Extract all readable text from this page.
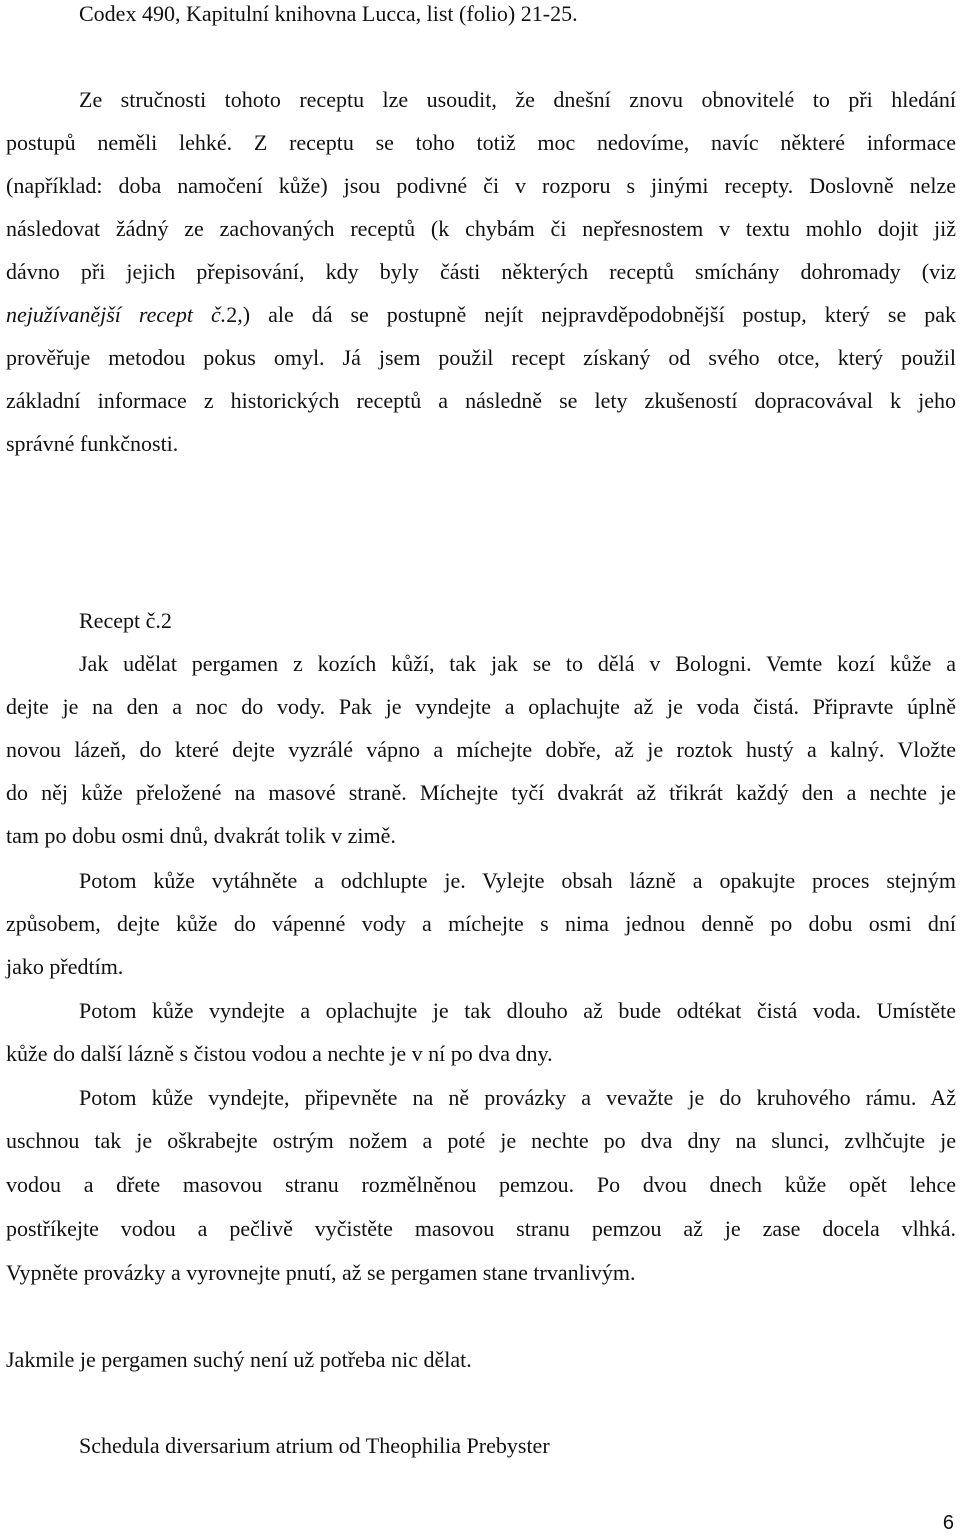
Codex 490, Kapitulní knihovna Lucca, list (folio) 21-25.
Ze stručnosti tohoto receptu lze usoudit, že dnešní znovu obnovitelé to při hledání
postupů neměli lehké. Z receptu se toho totiž moc nedovíme, navíc některé informace
(například: doba namočení kůže) jsou podivné či v rozporu s jinými recepty. Doslovně nelze
následovat žádný ze zachovaných receptů (k chybám či nepřesnostem v textu mohlo dojit již
dávno při jejich přepisování, kdy byly části některých receptů smíchány dohromady (viz
nejužívanější recept č.2,) ale dá se postupně nejít nejpravděpodobnější postup, který se pak
prověřuje metodou pokus omyl. Já jsem použil recept získaný od svého otce, který použil
základní informace z historických receptů a následně se lety zkušeností dopracovával k jeho
správné funkčnosti.
Recept č.2
Jak udělat pergamen z kozích kůží, tak jak se to dělá v Bologni. Vemte kozí kůže a
dejte je na den a noc do vody. Pak je vyndejte a oplachujte až je voda čistá. Připravte úplně
novou lázeň, do které dejte vyzrálé vápno a míchejte dobře, až je roztok hustý a kalný. Vložte
do něj kůže přeložené na masové straně. Míchejte tyčí dvakrát až třikrát každý den a nechte je
tam po dobu osmi dnů, dvakrát tolik v zimě.
Potom kůže vytáhněte a odchlupte je. Vylejte obsah lázně a opakujte proces stejným
způsobem, dejte kůže do vápenné vody a míchejte s nima jednou denně po dobu osmi dní
jako předtím.
Potom kůže vyndejte a oplachujte je tak dlouho až bude odtékat čistá voda. Umístěte
kůže do další lázně s čistou vodou a nechte je v ní po dva dny.
Potom kůže vyndejte, připevněte na ně provázky a vevažte je do kruhového rámu. Až
uschnou tak je oškrabejte ostrým nožem a poté je nechte po dva dny na slunci, zvlhčujte je
vodou a dřete masovou stranu rozmělněnou pemzou. Po dvou dnech kůže opět lehce
postříkejte vodou a pečlivě vyčistěte masovou stranu pemzou až je zase docela vlhká.
Vypněte provázky a vyrovnejte pnutí, až se pergamen stane trvanlivým.
Jakmile je pergamen suchý není už potřeba nic dělat.
Schedula diversarium atrium od Theophilia Prebyster
6
